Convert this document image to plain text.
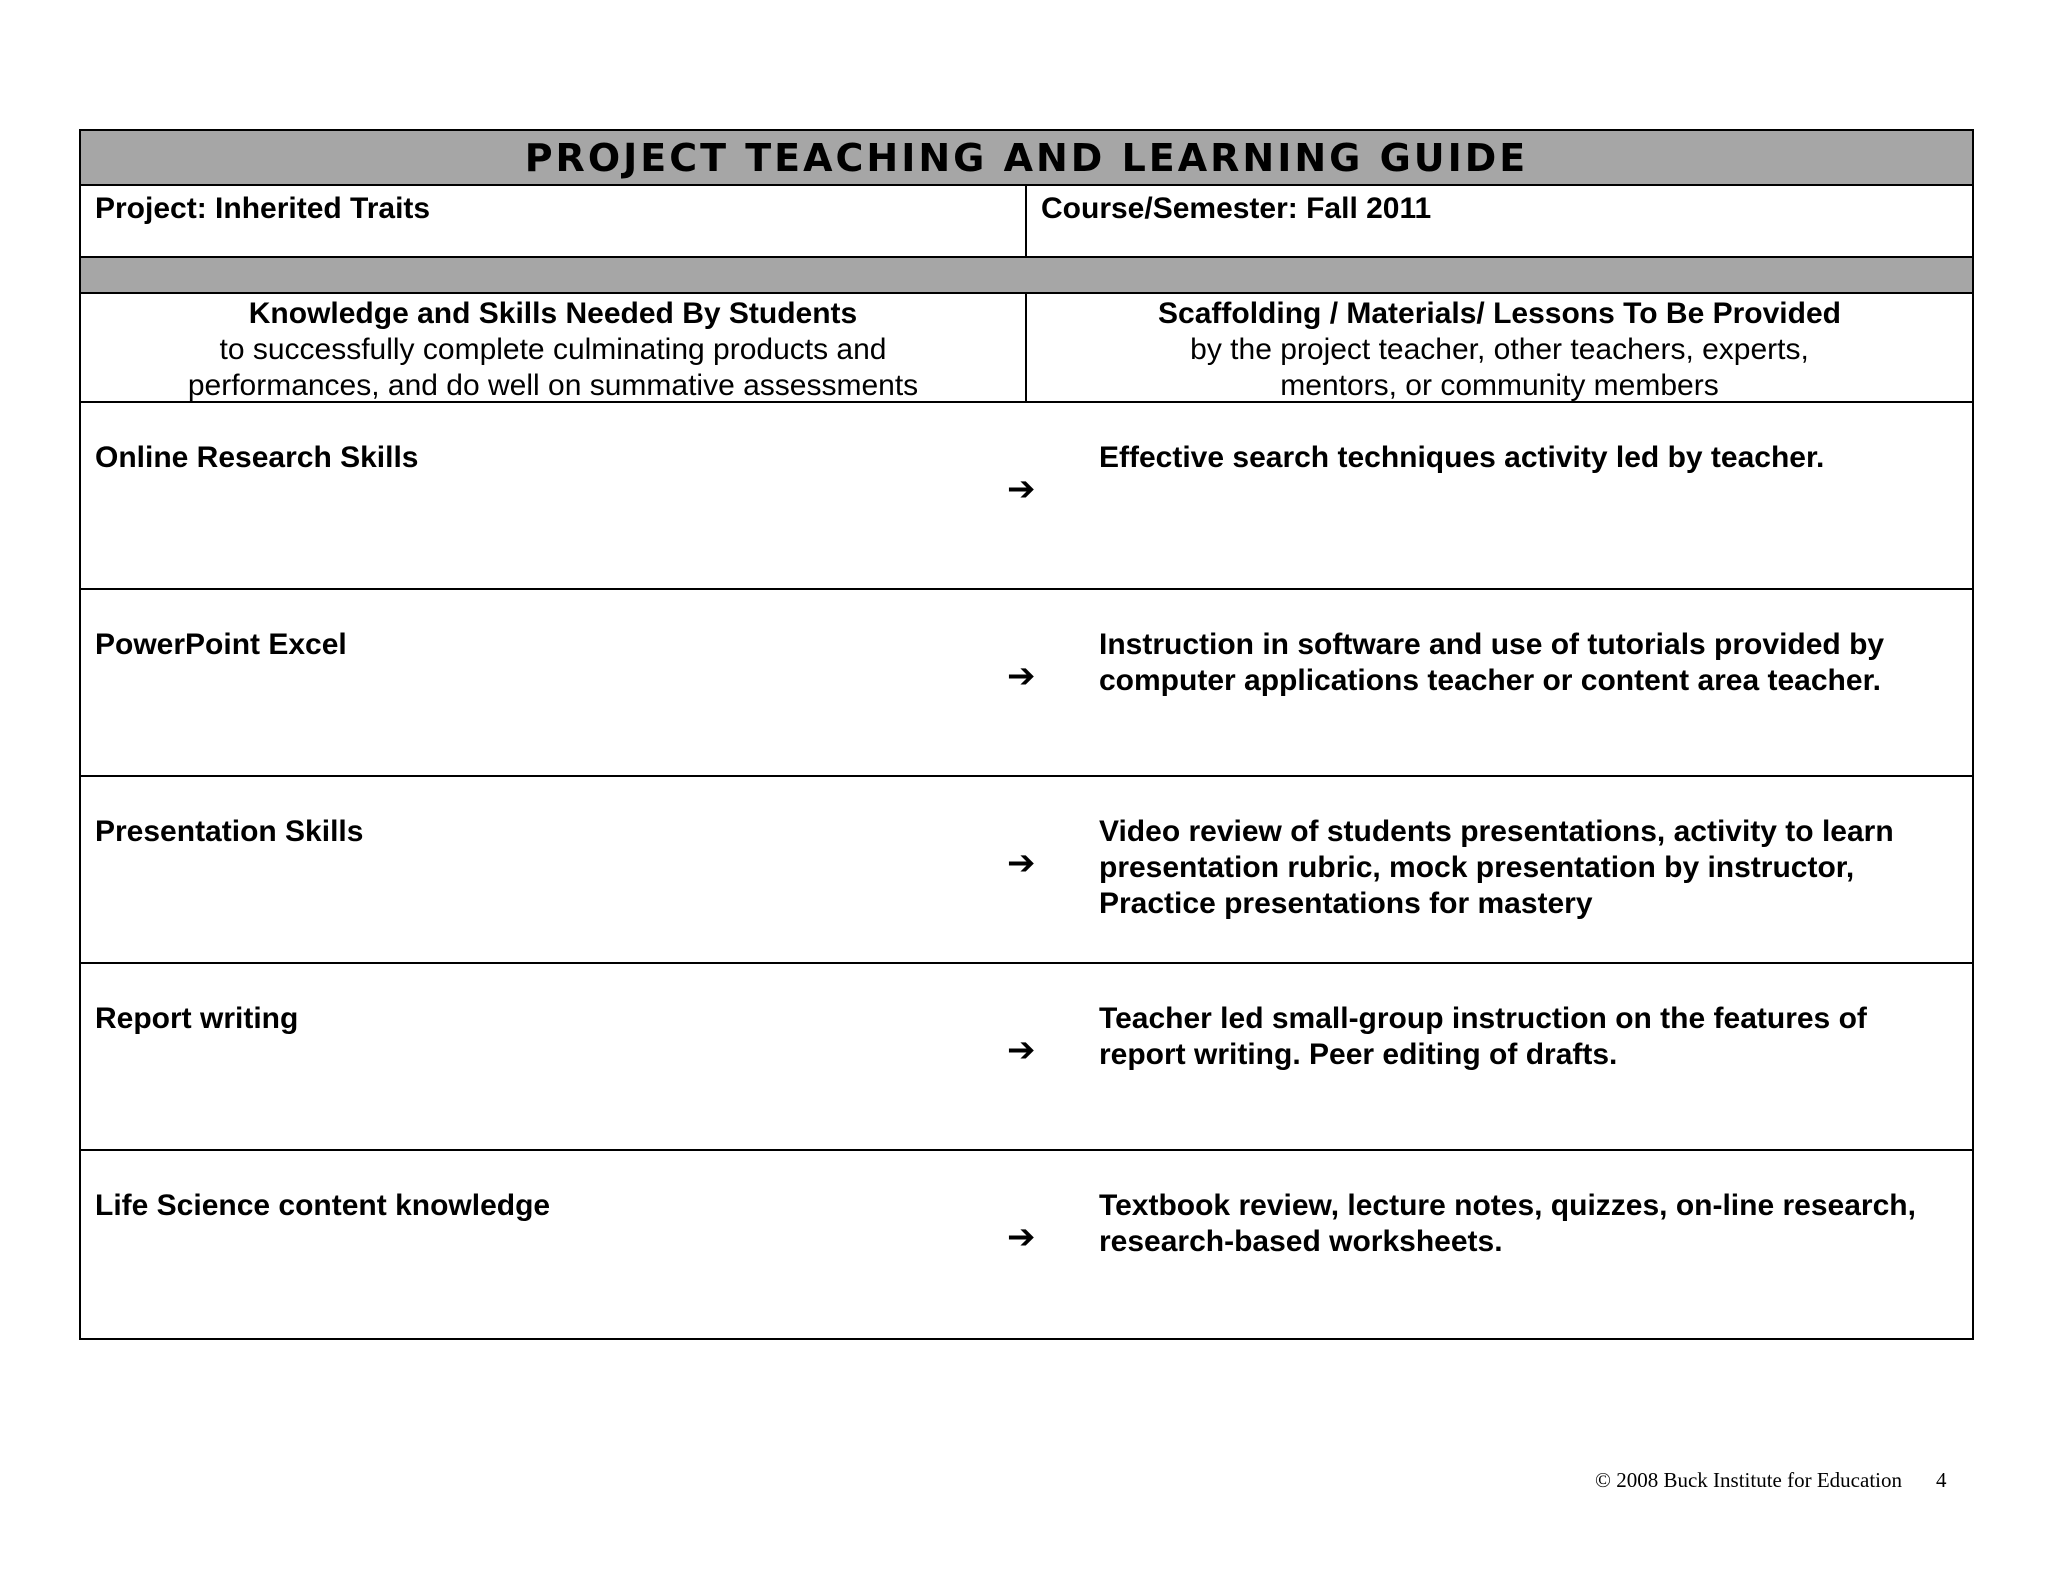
PROJECT TEACHING AND LEARNING GUIDE
Project: Inherited Traits	Course/Semester: Fall 2011
Knowledge and Skills Needed By Students
to successfully complete culminating products and
performances, and do well on summative assessments
Scaffolding / Materials/ Lessons To Be Provided
by the project teacher, other teachers, experts,
mentors, or community members
Online Research Skills
➔
Effective search techniques activity led by teacher.
PowerPoint Excel
➔
Instruction in software and use of tutorials provided by computer applications teacher or content area teacher.
Presentation Skills
➔
Video review of students presentations, activity to learn presentation rubric, mock presentation by instructor, Practice presentations for mastery
Report writing
➔
Teacher led small-group instruction on the features of report writing. Peer editing of drafts.
Life Science content knowledge
➔
Textbook review, lecture notes, quizzes, on-line research, research-based worksheets.
© 2008 Buck Institute for Education 4
